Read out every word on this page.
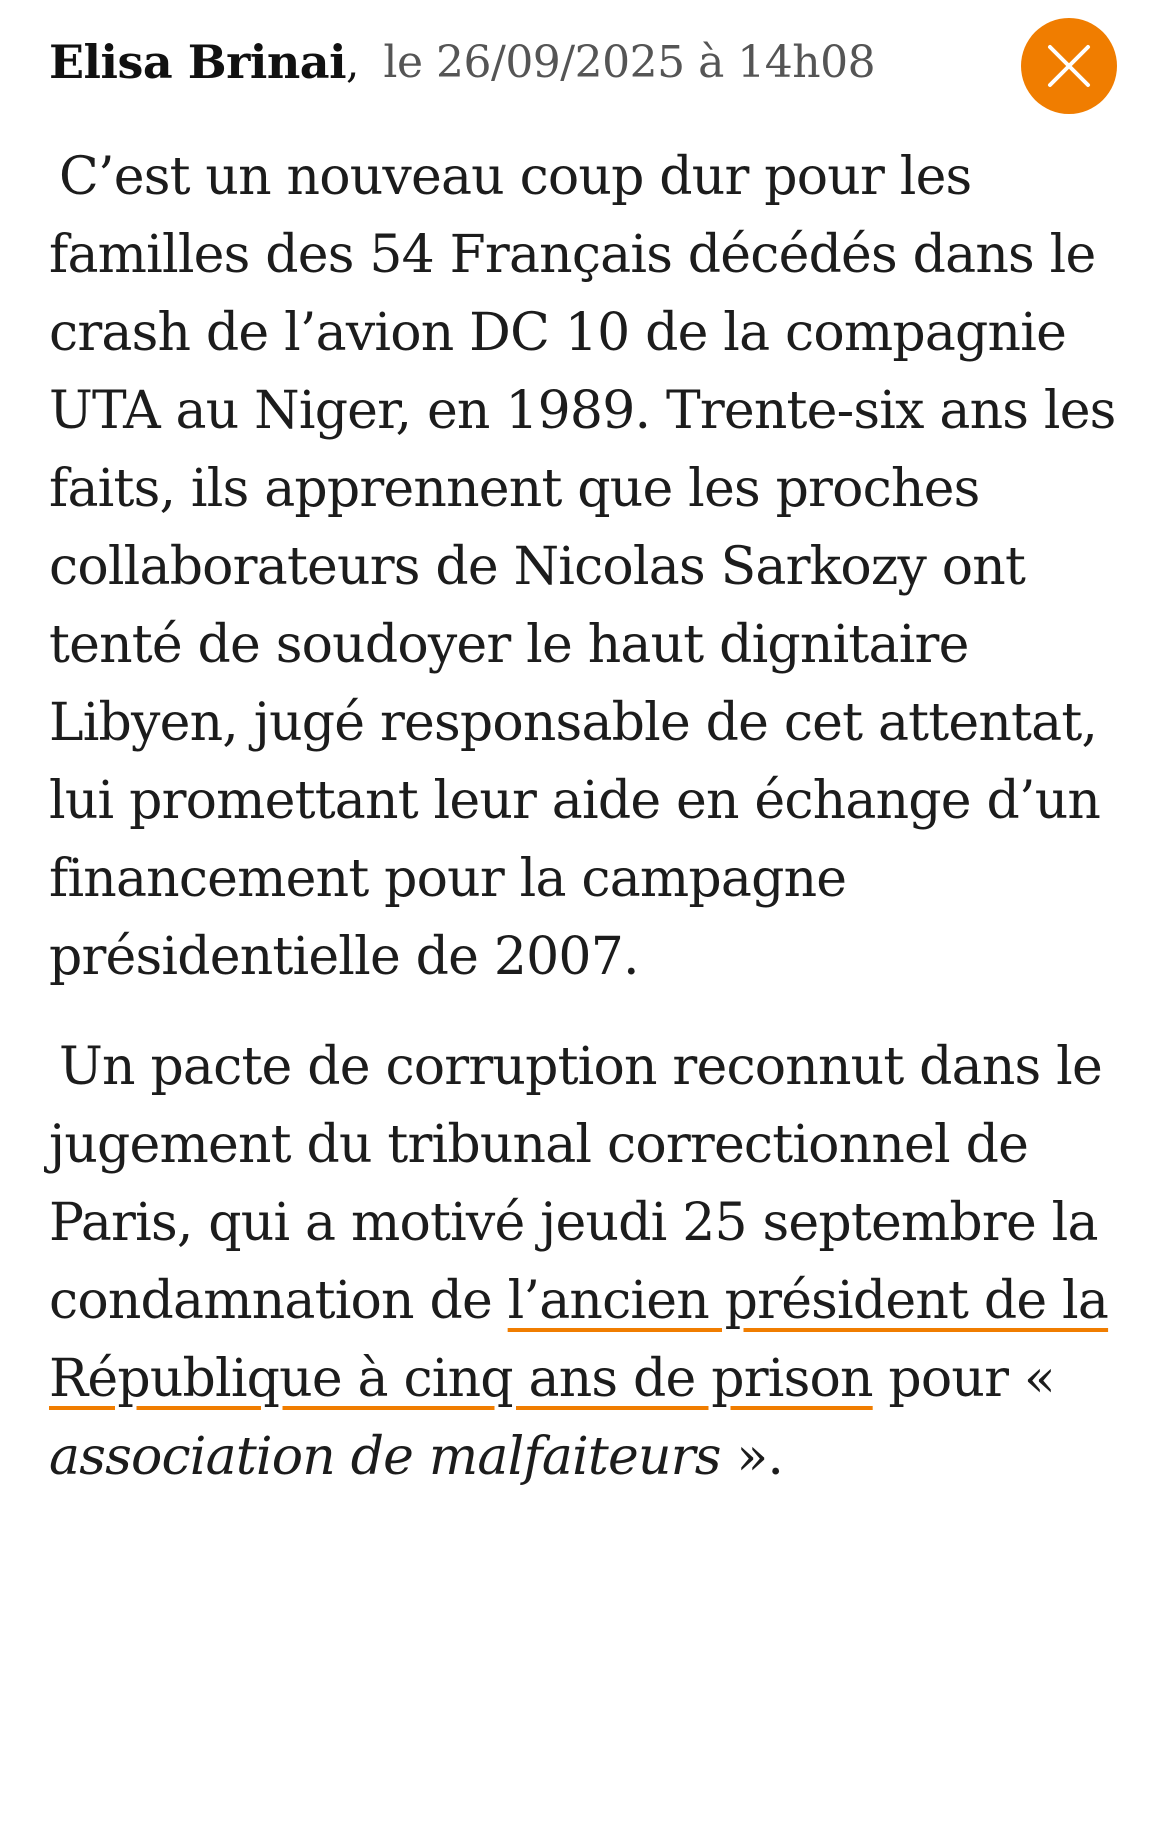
Elisa Brinai , le 26/09/2025 à 14h08

C’est un nouveau coup dur pour les familles des 54 Français décédés dans le crash de l’avion DC 10 de la compagnie UTA au Niger, en 1989. Trente-six ans les faits, ils apprennent que les proches collaborateurs de Nicolas Sarkozy ont tenté de soudoyer le haut dignitaire Libyen, jugé responsable de cet attentat, lui promettant leur aide en échange d’un financement pour la campagne présidentielle de 2007.

Un pacte de corruption reconnut dans le jugement du tribunal correctionnel de Paris, qui a motivé jeudi 25 septembre la condamnation de l’ancien président de la République à cinq ans de prison pour « association de malfaiteurs ».
